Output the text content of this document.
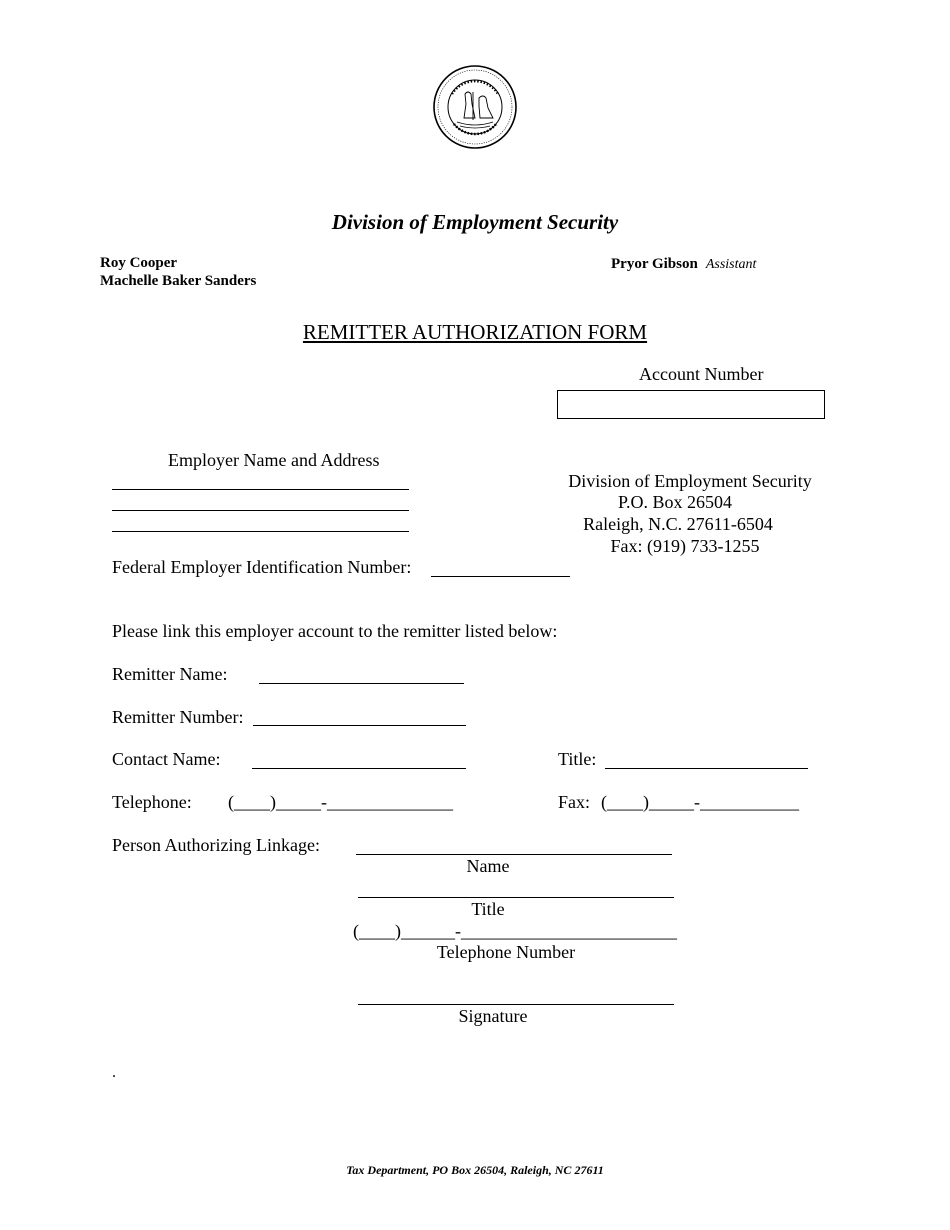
Division of Employment Security
Roy Cooper
Machelle Baker Sanders
Pryor Gibson Assistant
REMITTER AUTHORIZATION FORM
Account Number
Employer Name and Address
Division of Employment Security
P.O. Box 26504
Raleigh, N.C. 27611-6504
Fax: (919) 733-1255
Federal Employer Identification Number:
Please link this employer account to the remitter listed below:
Remitter Name:
Remitter Number:
Contact Name:	Title:
Telephone: (____)_____-______________	Fax: (____)_____-___________
Person Authorizing Linkage:
Name
Title
(____)______-________________________
Telephone Number
Signature
.
Tax Department, PO Box 26504, Raleigh, NC 27611
